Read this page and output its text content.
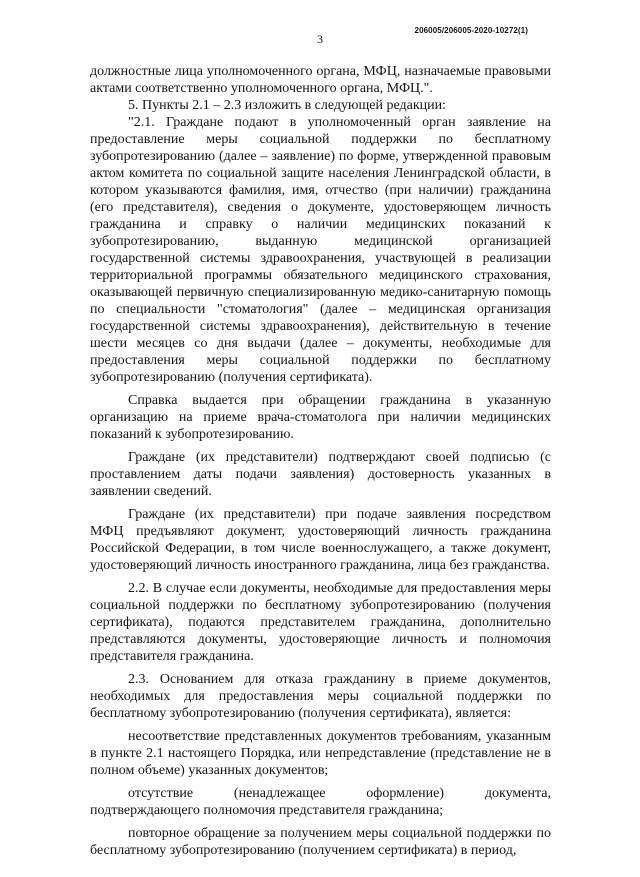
206005/206005-2020-10272(1)
3

должностные лица уполномоченного органа, МФЦ, назначаемые правовыми актами соответственно уполномоченного органа, МФЦ.".

5. Пункты 2.1 – 2.3 изложить в следующей редакции:

"2.1. Граждане подают в уполномоченный орган заявление на предоставление меры социальной поддержки по бесплатному зубопротезированию (далее – заявление) по форме, утвержденной правовым актом комитета по социальной защите населения Ленинградской области, в котором указываются фамилия, имя, отчество (при наличии) гражданина (его представителя), сведения о документе, удостоверяющем личность гражданина и справку о наличии медицинских показаний к зубопротезированию, выданную медицинской организацией государственной системы здравоохранения, участвующей в реализации территориальной программы обязательного медицинского страхования, оказывающей первичную специализированную медико-санитарную помощь по специальности "стоматология" (далее – медицинская организация государственной системы здравоохранения), действительную в течение шести месяцев со дня выдачи (далее – документы, необходимые для предоставления меры социальной поддержки по бесплатному зубопротезированию (получения сертификата).

Справка выдается при обращении гражданина в указанную организацию на приеме врача-стоматолога при наличии медицинских показаний к зубопротезированию.

Граждане (их представители) подтверждают своей подписью (с проставлением даты подачи заявления) достоверность указанных в заявлении сведений.

Граждане (их представители) при подаче заявления посредством МФЦ предъявляют документ, удостоверяющий личность гражданина Российской Федерации, в том числе военнослужащего, а также документ, удостоверяющий личность иностранного гражданина, лица без гражданства.

2.2. В случае если документы, необходимые для предоставления меры социальной поддержки по бесплатному зубопротезированию (получения сертификата), подаются представителем гражданина, дополнительно представляются документы, удостоверяющие личность и полномочия представителя гражданина.

2.3. Основанием для отказа гражданину в приеме документов, необходимых для предоставления меры социальной поддержки по бесплатному зубопротезированию (получения сертификата), является:

несоответствие представленных документов требованиям, указанным в пункте 2.1 настоящего Порядка, или непредставление (представление не в полном объеме) указанных документов;

отсутствие (ненадлежащее оформление) документа, подтверждающего полномочия представителя гражданина;

повторное обращение за получением меры социальной поддержки по бесплатному зубопротезированию (получением сертификата) в период,
